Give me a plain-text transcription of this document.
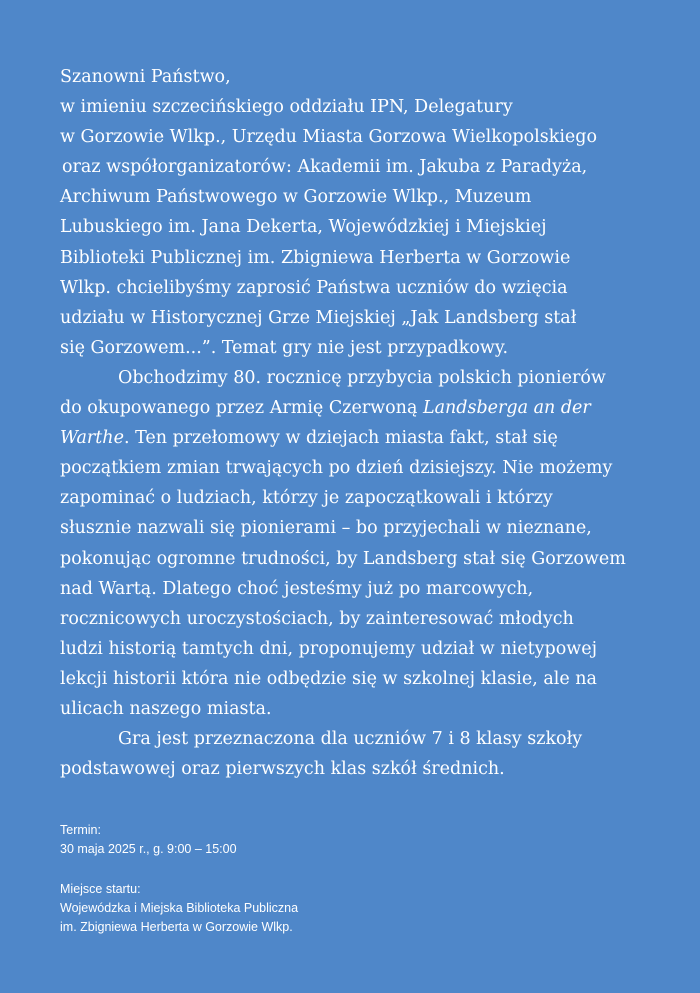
Szanowni Państwo,
w imieniu szczecińskiego oddziału IPN, Delegatury
w Gorzowie Wlkp., Urzędu Miasta Gorzowa Wielkopolskiego
oraz współorganizatorów: Akademii im. Jakuba z Paradyża,
Archiwum Państwowego w Gorzowie Wlkp., Muzeum
Lubuskiego im. Jana Dekerta, Wojewódzkiej i Miejskiej
Biblioteki Publicznej im. Zbigniewa Herberta w Gorzowie
Wlkp. chcielibyśmy zaprosić Państwa uczniów do wzięcia
udziału w Historycznej Grze Miejskiej „Jak Landsberg stał
się Gorzowem...”. Temat gry nie jest przypadkowy.
Obchodzimy 80. rocznicę przybycia polskich pionierów
do okupowanego przez Armię Czerwoną Landsberga an der
Warthe. Ten przełomowy w dziejach miasta fakt, stał się
początkiem zmian trwających po dzień dzisiejszy. Nie możemy
zapominać o ludziach, którzy je zapoczątkowali i którzy
słusznie nazwali się pionierami – bo przyjechali w nieznane,
pokonując ogromne trudności, by Landsberg stał się Gorzowem
nad Wartą. Dlatego choć jesteśmy już po marcowych,
rocznicowych uroczystościach, by zainteresować młodych
ludzi historią tamtych dni, proponujemy udział w nietypowej
lekcji historii która nie odbędzie się w szkolnej klasie, ale na
ulicach naszego miasta.
Gra jest przeznaczona dla uczniów 7 i 8 klasy szkoły
podstawowej oraz pierwszych klas szkół średnich.
Termin:
30 maja 2025 r., g. 9:00 – 15:00
Miejsce startu:
Wojewódzka i Miejska Biblioteka Publiczna
im. Zbigniewa Herberta w Gorzowie Wlkp.
